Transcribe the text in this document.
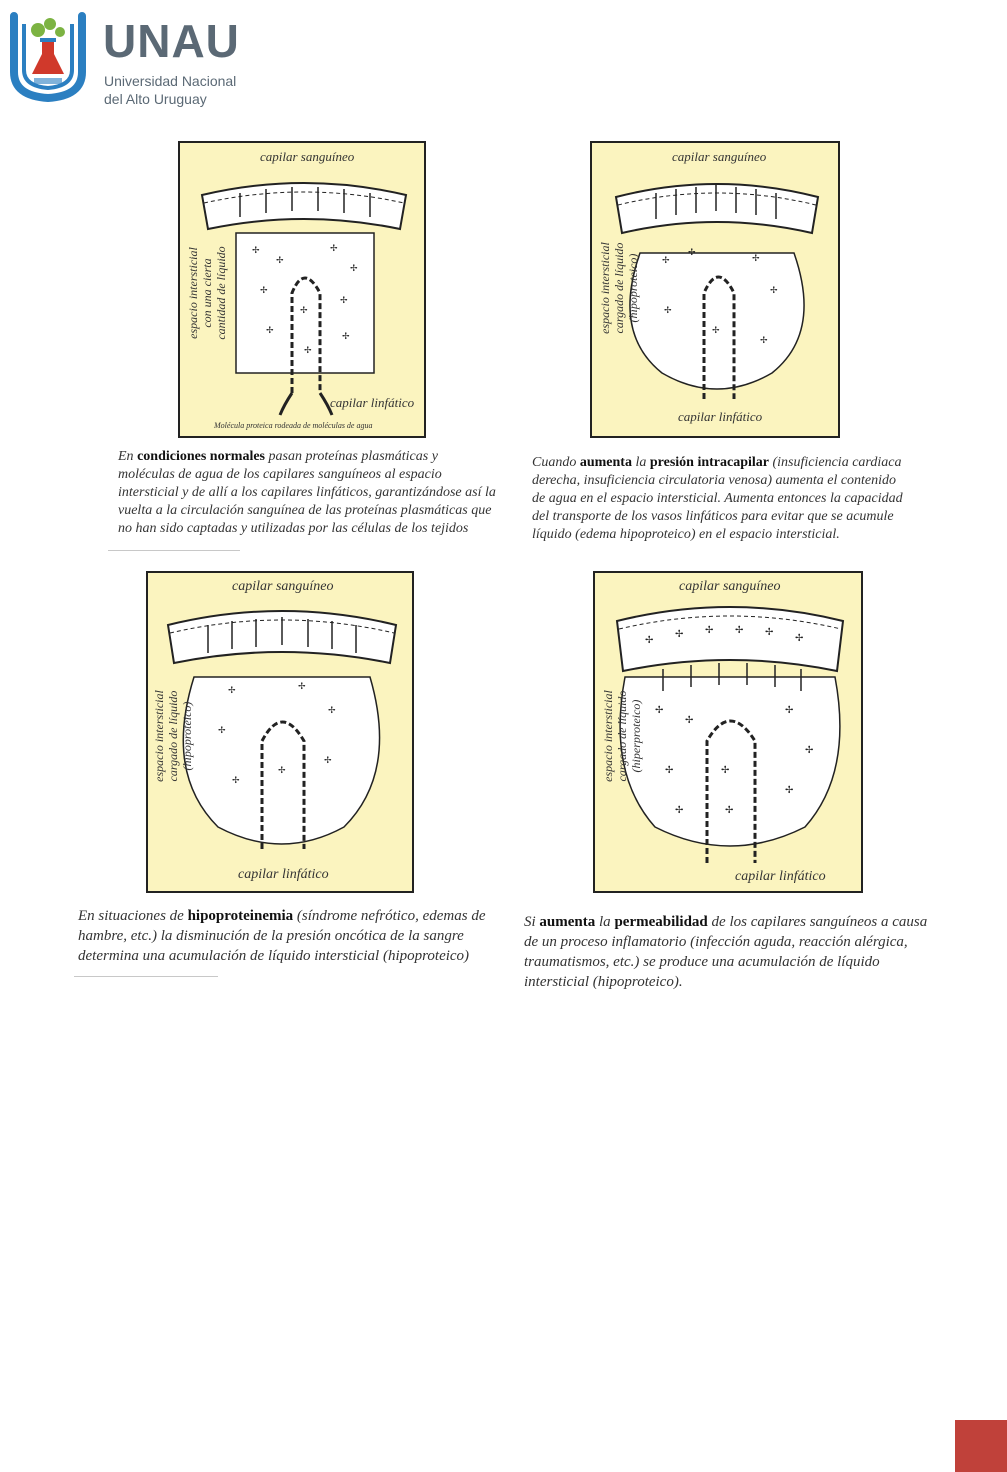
UNAU
Universidad Nacional
del Alto Uruguay
✢
✢
✢
✢
✢
✢
✢
✢
✢
✢
capilar sanguíneo
espacio intersticial
con una cierta
cantidad de líquido
capilar linfático
Molécula proteica rodeada de moléculas de agua
En condiciones normales pasan proteínas plasmáticas y moléculas de agua de los capilares sanguíneos al espacio intersticial y de allí a los capilares linfáticos, garantizándose así la vuelta a la circulación sanguínea de las proteínas plasmáticas que no han sido captadas y utilizadas por las células de los tejidos
✢
✢
✢
✢
✢
✢
✢
capilar sanguíneo
espacio intersticial
cargado de líquido
(hipoproteico)
capilar linfático
Cuando aumenta la presión intracapilar (insuficiencia cardiaca derecha, insuficiencia circulatoria venosa) aumenta el contenido de agua en el espacio intersticial. Aumenta entonces la capacidad del transporte de los vasos linfáticos para evitar que se acumule líquido (edema hipoproteico) en el espacio intersticial.
✢	✢
✢
✢
✢
✢
✢
capilar sanguíneo
espacio intersticial
cargado de líquido
(hipoproteico)
capilar linfático
En situaciones de hipoproteinemia (síndrome nefrótico, edemas de hambre, etc.) la disminución de la presión oncótica de la sangre determina una acumulación de líquido intersticial (hipoproteico)
✢
✢ ✢ ✢ ✢
✢
✢
✢
✢
✢
✢
✢
✢
✢
✢
capilar sanguíneo
espacio intersticial
cargado de líquido
(hiperproteico)
capilar linfático
Si aumenta la permeabilidad de los capilares sanguíneos a causa de un proceso inflamatorio (infección aguda, reacción alérgica, traumatismos, etc.) se produce una acumulación de líquido intersticial (hipoproteico).
